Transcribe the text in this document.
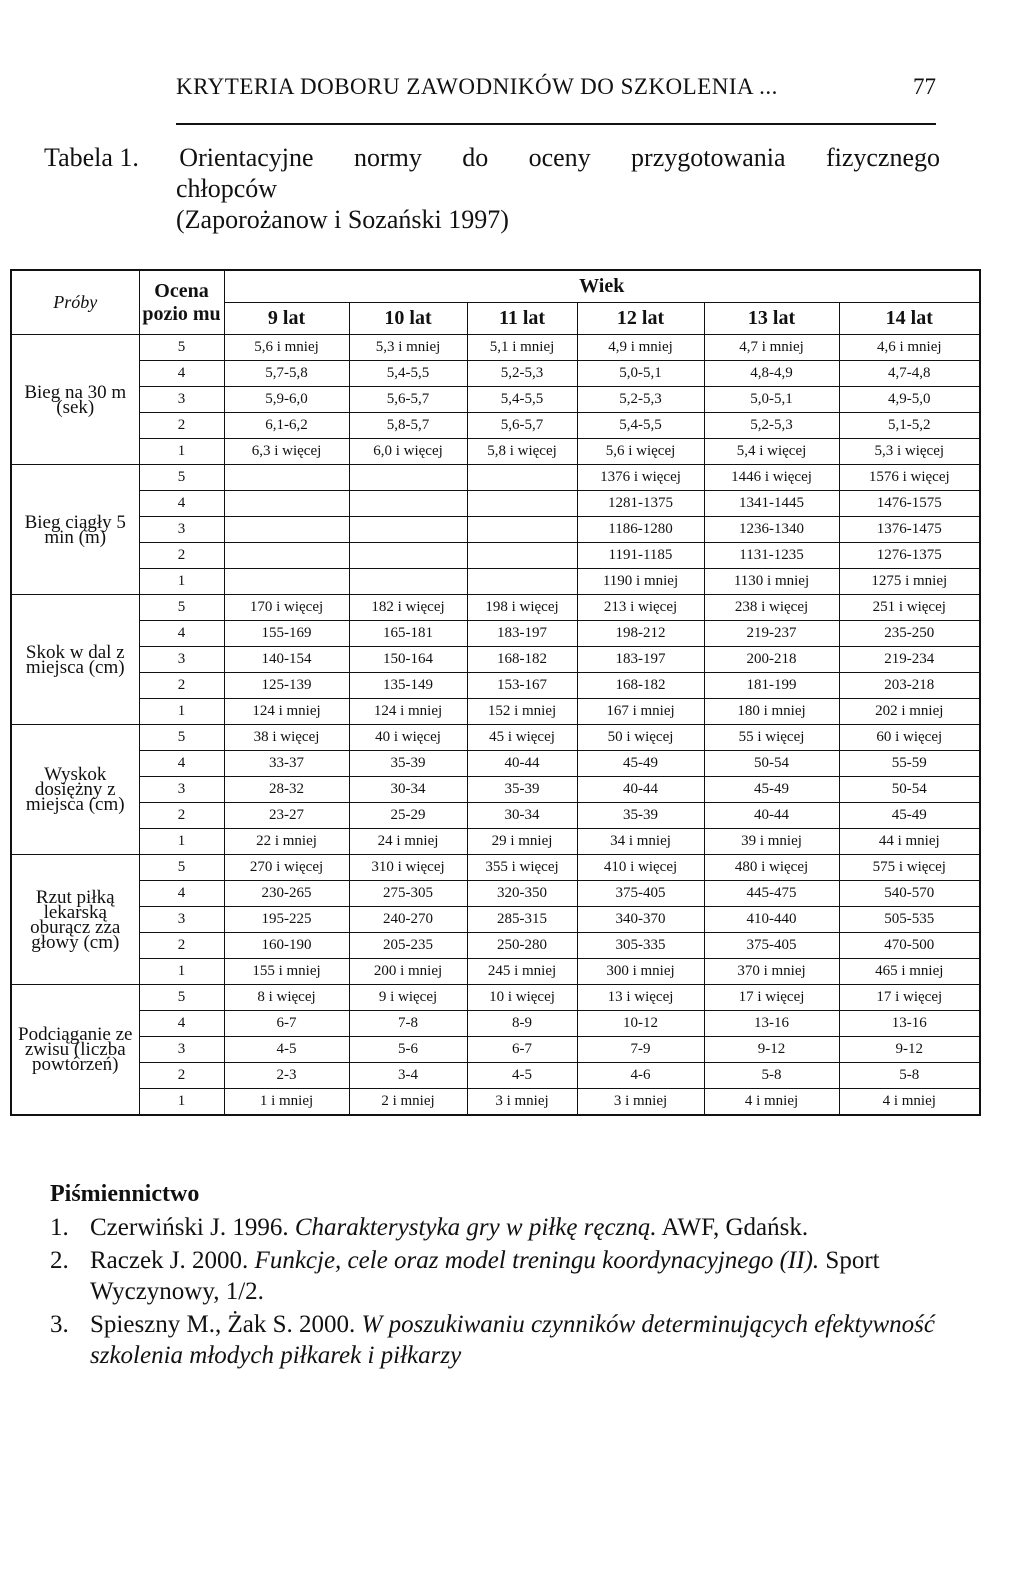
KRYTERIA DOBORU ZAWODNIKÓW DO SZKOLENIA ...	77
Tabela 1. Orientacyjne normy do oceny przygotowania fizycznego
chłopców
(Zaporożanow i Sozański 1997)
Próby	Ocena pozio mu	Wiek					
		9 lat	10 lat	11 lat	12 lat	13 lat	14 lat
Bieg na 30 m (sek)	5	5,6 i mniej	5,3 i mniej	5,1 i mniej	4,9 i mniej	4,7 i mniej	4,6 i mniej
	4	5,7-5,8	5,4-5,5	5,2-5,3	5,0-5,1	4,8-4,9	4,7-4,8
	3	5,9-6,0	5,6-5,7	5,4-5,5	5,2-5,3	5,0-5,1	4,9-5,0
	2	6,1-6,2	5,8-5,7	5,6-5,7	5,4-5,5	5,2-5,3	5,1-5,2
	1	6,3 i więcej	6,0 i więcej	5,8 i więcej	5,6 i więcej	5,4 i więcej	5,3 i więcej
Bieg ciągły 5 min (m)	5				1376 i więcej	1446 i więcej	1576 i więcej
	4				1281-1375	1341-1445	1476-1575
	3				1186-1280	1236-1340	1376-1475
	2				1191-1185	1131-1235	1276-1375
	1				1190 i mniej	1130 i mniej	1275 i mniej
Skok w dal z miejsca (cm)	5	170 i więcej	182 i więcej	198 i więcej	213 i więcej	238 i więcej	251 i więcej
	4	155-169	165-181	183-197	198-212	219-237	235-250
	3	140-154	150-164	168-182	183-197	200-218	219-234
	2	125-139	135-149	153-167	168-182	181-199	203-218
	1	124 i mniej	124 i mniej	152 i mniej	167 i mniej	180 i mniej	202 i mniej
Wyskok dosiężny z miejsca (cm)	5	38 i więcej	40 i więcej	45 i więcej	50 i więcej	55 i więcej	60 i więcej
	4	33-37	35-39	40-44	45-49	50-54	55-59
	3	28-32	30-34	35-39	40-44	45-49	50-54
	2	23-27	25-29	30-34	35-39	40-44	45-49
	1	22 i mniej	24 i mniej	29 i mniej	34 i mniej	39 i mniej	44 i mniej
Rzut piłką lekarską oburącz zza głowy (cm)	5	270 i więcej	310 i więcej	355 i więcej	410 i więcej	480 i więcej	575 i więcej
	4	230-265	275-305	320-350	375-405	445-475	540-570
	3	195-225	240-270	285-315	340-370	410-440	505-535
	2	160-190	205-235	250-280	305-335	375-405	470-500
	1	155 i mniej	200 i mniej	245 i mniej	300 i mniej	370 i mniej	465 i mniej
Podciąganie ze zwisu (liczba powtórzeń)	5	8 i więcej	9 i więcej	10 i więcej	13 i więcej	17 i więcej	17 i więcej
	4	6-7	7-8	8-9	10-12	13-16	13-16
	3	4-5	5-6	6-7	7-9	9-12	9-12
	2	2-3	3-4	4-5	4-6	5-8	5-8
	1	1 i mniej	2 i mniej	3 i mniej	3 i mniej	4 i mniej	4 i mniej
Piśmiennictwo
1. Czerwiński J. 1996. Charakterystyka gry w piłkę ręczną. AWF, Gdańsk.
2. Raczek J. 2000. Funkcje, cele oraz model treningu koordynacyjnego (II). Sport Wyczynowy, 1/2.
3. Spieszny M., Żak S. 2000. W poszukiwaniu czynników determinujących efektywność szkolenia młodych piłkarek i piłkarzy
